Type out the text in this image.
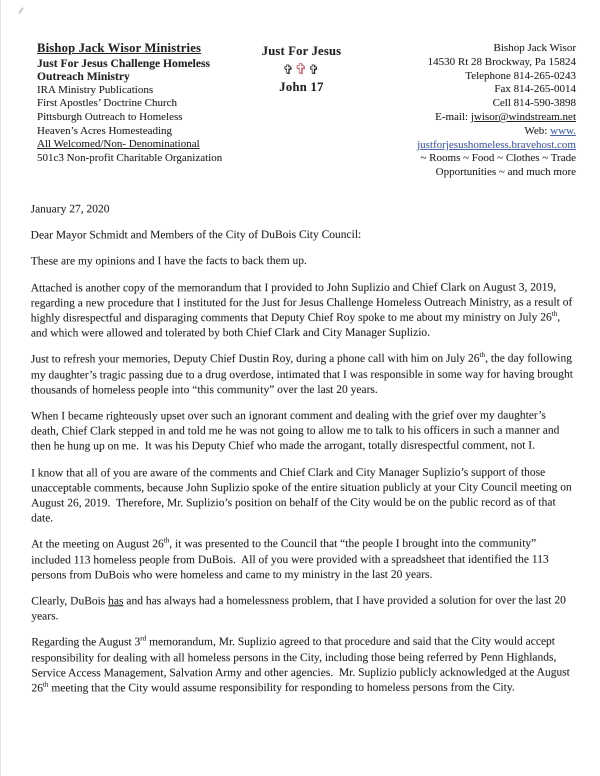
Bishop Jack Wisor Ministries
Just For Jesus Challenge Homeless Outreach Ministry
IRA Ministry Publications
First Apostles’ Doctrine Church
Pittsburgh Outreach to Homeless
Heaven’s Acres Homesteading
All Welcomed/Non- Denominational
501c3 Non-profit Charitable Organization
Just For Jesus
✞✞✞
John 17
Bishop Jack Wisor
14530 Rt 28 Brockway, Pa 15824
Telephone 814-265-0243
Fax 814-265-0014
Cell 814-590-3898
E-mail: jwisor@windstream.net
Web: www.
justforjesushomeless.bravehost.com
~ Rooms ~ Food ~ Clothes ~ Trade
Opportunities ~ and much more

January 27, 2020

Dear Mayor Schmidt and Members of the City of DuBois City Council:

These are my opinions and I have the facts to back them up.

Attached is another copy of the memorandum that I provided to John Suplizio and Chief Clark on August 3, 2019, regarding a new procedure that I instituted for the Just for Jesus Challenge Homeless Outreach Ministry, as a result of highly disrespectful and disparaging comments that Deputy Chief Roy spoke to me about my ministry on July 26th, and which were allowed and tolerated by both Chief Clark and City Manager Suplizio.

Just to refresh your memories, Deputy Chief Dustin Roy, during a phone call with him on July 26th, the day following my daughter’s tragic passing due to a drug overdose, intimated that I was responsible in some way for having brought thousands of homeless people into “this community” over the last 20 years.

When I became righteously upset over such an ignorant comment and dealing with the grief over my daughter’s death, Chief Clark stepped in and told me he was not going to allow me to talk to his officers in such a manner and then he hung up on me.  It was his Deputy Chief who made the arrogant, totally disrespectful comment, not I.

I know that all of you are aware of the comments and Chief Clark and City Manager Suplizio’s support of those unacceptable comments, because John Suplizio spoke of the entire situation publicly at your City Council meeting on August 26, 2019.  Therefore, Mr. Suplizio’s position on behalf of the City would be on the public record as of that date.

At the meeting on August 26th, it was presented to the Council that “the people I brought into the community” included 113 homeless people from DuBois.  All of you were provided with a spreadsheet that identified the 113 persons from DuBois who were homeless and came to my ministry in the last 20 years.

Clearly, DuBois has and has always had a homelessness problem, that I have provided a solution for over the last 20 years.

Regarding the August 3rd memorandum, Mr. Suplizio agreed to that procedure and said that the City would accept responsibility for dealing with all homeless persons in the City, including those being referred by Penn Highlands, Service Access Management, Salvation Army and other agencies.  Mr. Suplizio publicly acknowledged at the August 26th meeting that the City would assume responsibility for responding to homeless persons from the City.
